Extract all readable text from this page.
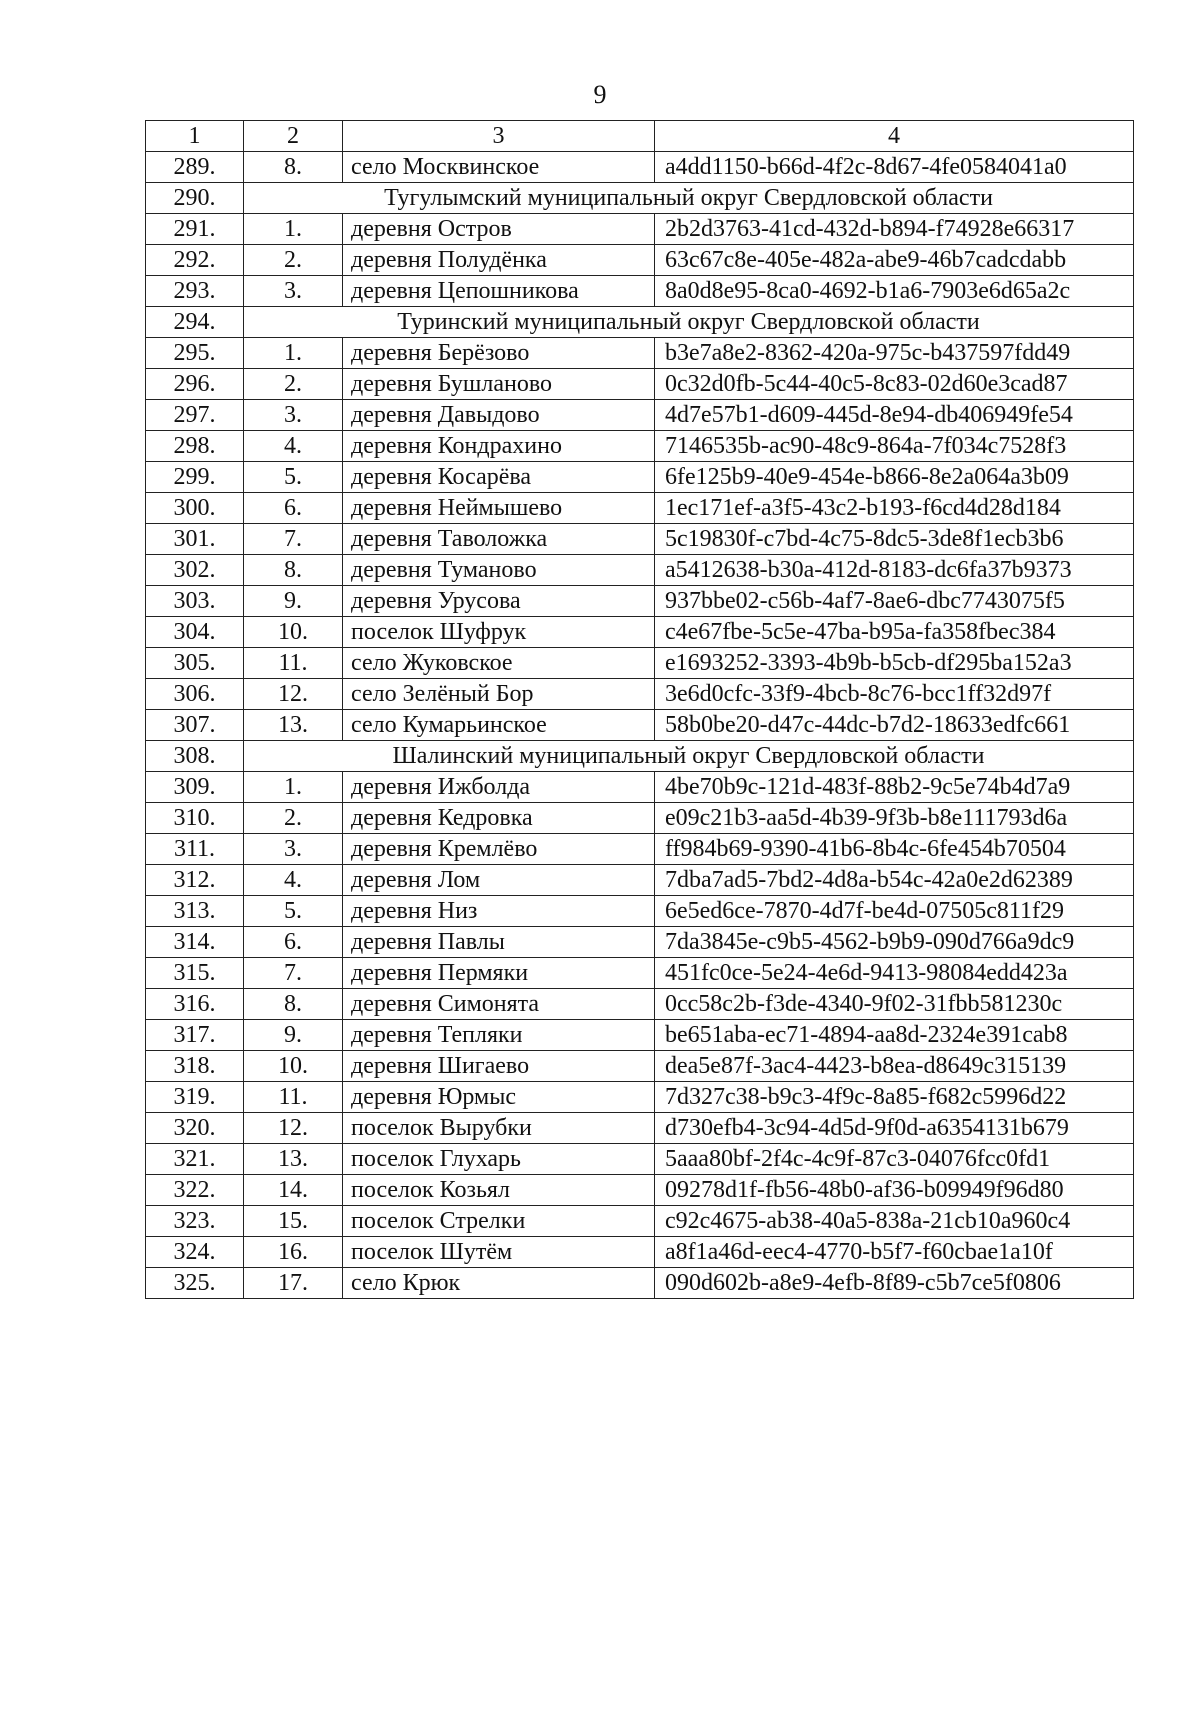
9
1	2	3	4
289.	8.	село Москвинское	a4dd1150-b66d-4f2c-8d67-4fe0584041a0
290.	Тугулымский муниципальный округ Свердловской области		
291.	1.	деревня Остров	2b2d3763-41cd-432d-b894-f74928e66317
292.	2.	деревня Полудёнка	63c67c8e-405e-482a-abe9-46b7cadcdabb
293.	3.	деревня Цепошникова	8a0d8e95-8ca0-4692-b1a6-7903e6d65a2c
294.	Туринский муниципальный округ Свердловской области		
295.	1.	деревня Берёзово	b3e7a8e2-8362-420a-975c-b437597fdd49
296.	2.	деревня Бушланово	0c32d0fb-5c44-40c5-8c83-02d60e3cad87
297.	3.	деревня Давыдово	4d7e57b1-d609-445d-8e94-db406949fe54
298.	4.	деревня Кондрахино	7146535b-ac90-48c9-864a-7f034c7528f3
299.	5.	деревня Косарёва	6fe125b9-40e9-454e-b866-8e2a064a3b09
300.	6.	деревня Неймышево	1ec171ef-a3f5-43c2-b193-f6cd4d28d184
301.	7.	деревня Таволожка	5c19830f-c7bd-4c75-8dc5-3de8f1ecb3b6
302.	8.	деревня Туманово	a5412638-b30a-412d-8183-dc6fa37b9373
303.	9.	деревня Урусова	937bbe02-c56b-4af7-8ae6-dbc7743075f5
304.	10.	поселок Шуфрук	c4e67fbe-5c5e-47ba-b95a-fa358fbec384
305.	11.	село Жуковское	e1693252-3393-4b9b-b5cb-df295ba152a3
306.	12.	село Зелёный Бор	3e6d0cfc-33f9-4bcb-8c76-bcc1ff32d97f
307.	13.	село Кумарьинское	58b0be20-d47c-44dc-b7d2-18633edfc661
308.	Шалинский муниципальный округ Свердловской области		
309.	1.	деревня Ижболда	4be70b9c-121d-483f-88b2-9c5e74b4d7a9
310.	2.	деревня Кедровка	e09c21b3-aa5d-4b39-9f3b-b8e111793d6a
311.	3.	деревня Кремлёво	ff984b69-9390-41b6-8b4c-6fe454b70504
312.	4.	деревня Лом	7dba7ad5-7bd2-4d8a-b54c-42a0e2d62389
313.	5.	деревня Низ	6e5ed6ce-7870-4d7f-be4d-07505c811f29
314.	6.	деревня Павлы	7da3845e-c9b5-4562-b9b9-090d766a9dc9
315.	7.	деревня Пермяки	451fc0ce-5e24-4e6d-9413-98084edd423a
316.	8.	деревня Симонята	0cc58c2b-f3de-4340-9f02-31fbb581230c
317.	9.	деревня Тепляки	be651aba-ec71-4894-aa8d-2324e391cab8
318.	10.	деревня Шигаево	dea5e87f-3ac4-4423-b8ea-d8649c315139
319.	11.	деревня Юрмыс	7d327c38-b9c3-4f9c-8a85-f682c5996d22
320.	12.	поселок Вырубки	d730efb4-3c94-4d5d-9f0d-a6354131b679
321.	13.	поселок Глухарь	5aaa80bf-2f4c-4c9f-87c3-04076fcc0fd1
322.	14.	поселок Козьял	09278d1f-fb56-48b0-af36-b09949f96d80
323.	15.	поселок Стрелки	c92c4675-ab38-40a5-838a-21cb10a960c4
324.	16.	поселок Шутём	a8f1a46d-eec4-4770-b5f7-f60cbae1a10f
325.	17.	село Крюк	090d602b-a8e9-4efb-8f89-c5b7ce5f0806
